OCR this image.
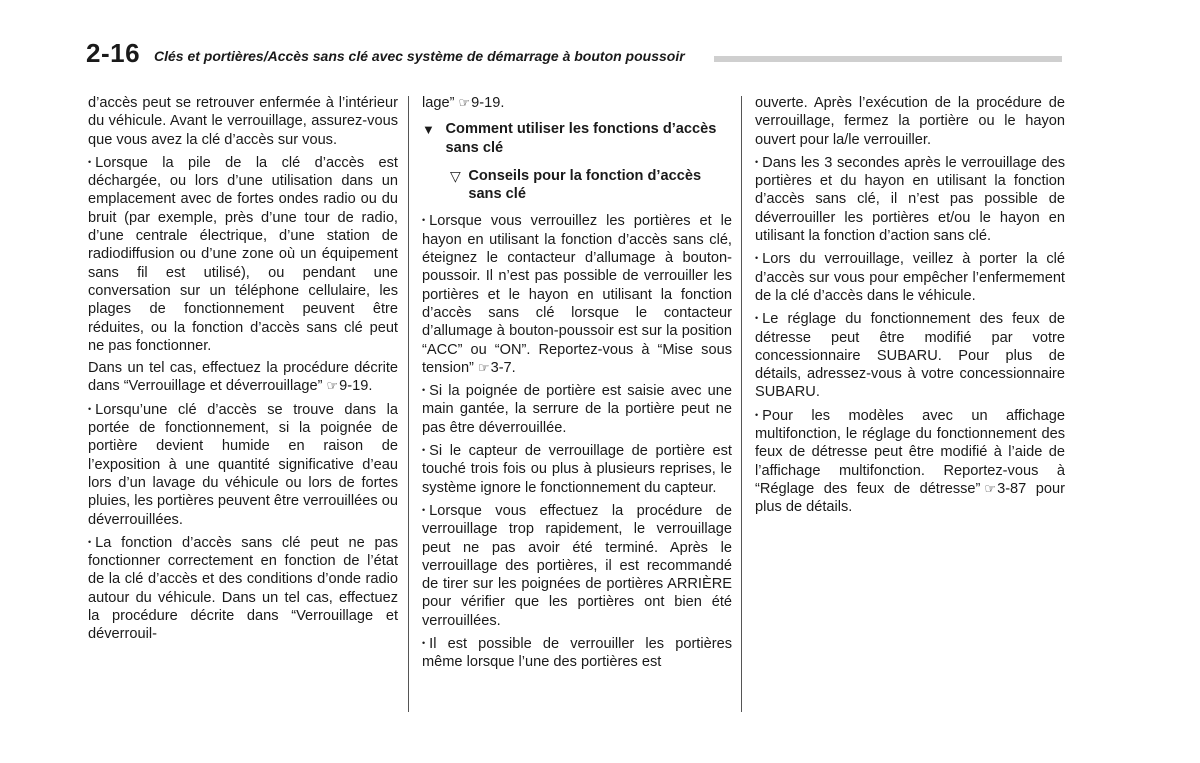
2-16 Clés et portières/Accès sans clé avec système de démarrage à bouton poussoir

d’accès peut se retrouver enfermée à l’intérieur du véhicule. Avant le verrouillage, assurez-vous que vous avez la clé d’accès sur vous.

• Lorsque la pile de la clé d’accès est déchargée, ou lors d’une utilisation dans un emplacement avec de fortes ondes radio ou du bruit (par exemple, près d’une tour de radio, d’une centrale électrique, d’une station de radiodiffusion ou d’une zone où un équipement sans fil est utilisé), ou pendant une conversation sur un téléphone cellulaire, les plages de fonctionnement peuvent être réduites, ou la fonction d’accès sans clé peut ne pas fonctionner.

Dans un tel cas, effectuez la procédure décrite dans “Verrouillage et déverrouillage” ☞9-19.

• Lorsqu’une clé d’accès se trouve dans la portée de fonctionnement, si la poignée de portière devient humide en raison de l’exposition à une quantité significative d’eau lors d’un lavage du véhicule ou lors de fortes pluies, les portières peuvent être verrouillées ou déverrouillées.

• La fonction d’accès sans clé peut ne pas fonctionner correctement en fonction de l’état de la clé d’accès et des conditions d’onde radio autour du véhicule. Dans un tel cas, effectuez la procédure décrite dans “Verrouillage et déverrouil-

lage” ☞9-19.

▼ Comment utiliser les fonctions d’accès sans clé
▽ Conseils pour la fonction d’accès sans clé

• Lorsque vous verrouillez les portières et le hayon en utilisant la fonction d’accès sans clé, éteignez le contacteur d’allumage à bouton-poussoir. Il n’est pas possible de verrouiller les portières et le hayon en utilisant la fonction d’accès sans clé lorsque le contacteur d’allumage à bouton-poussoir est sur la position “ACC” ou “ON”. Reportez-vous à “Mise sous tension” ☞3-7.

• Si la poignée de portière est saisie avec une main gantée, la serrure de la portière peut ne pas être déverrouillée.

• Si le capteur de verrouillage de portière est touché trois fois ou plus à plusieurs reprises, le système ignore le fonctionnement du capteur.

• Lorsque vous effectuez la procédure de verrouillage trop rapidement, le verrouillage peut ne pas avoir été terminé. Après le verrouillage des portières, il est recommandé de tirer sur les poignées de portières ARRIÈRE pour vérifier que les portières ont bien été verrouillées.

• Il est possible de verrouiller les portières même lorsque l’une des portières est

ouverte. Après l’exécution de la procédure de verrouillage, fermez la portière ou le hayon ouvert pour la/le verrouiller.

• Dans les 3 secondes après le verrouillage des portières et du hayon en utilisant la fonction d’accès sans clé, il n’est pas possible de déverrouiller les portières et/ou le hayon en utilisant la fonction d’action sans clé.

• Lors du verrouillage, veillez à porter la clé d’accès sur vous pour empêcher l’enfermement de la clé d’accès dans le véhicule.

• Le réglage du fonctionnement des feux de détresse peut être modifié par votre concessionnaire SUBARU. Pour plus de détails, adressez-vous à votre concessionnaire SUBARU.

• Pour les modèles avec un affichage multifonction, le réglage du fonctionnement des feux de détresse peut être modifié à l’aide de l’affichage multifonction. Reportez-vous à “Réglage des feux de détresse” ☞3-87 pour plus de détails.
